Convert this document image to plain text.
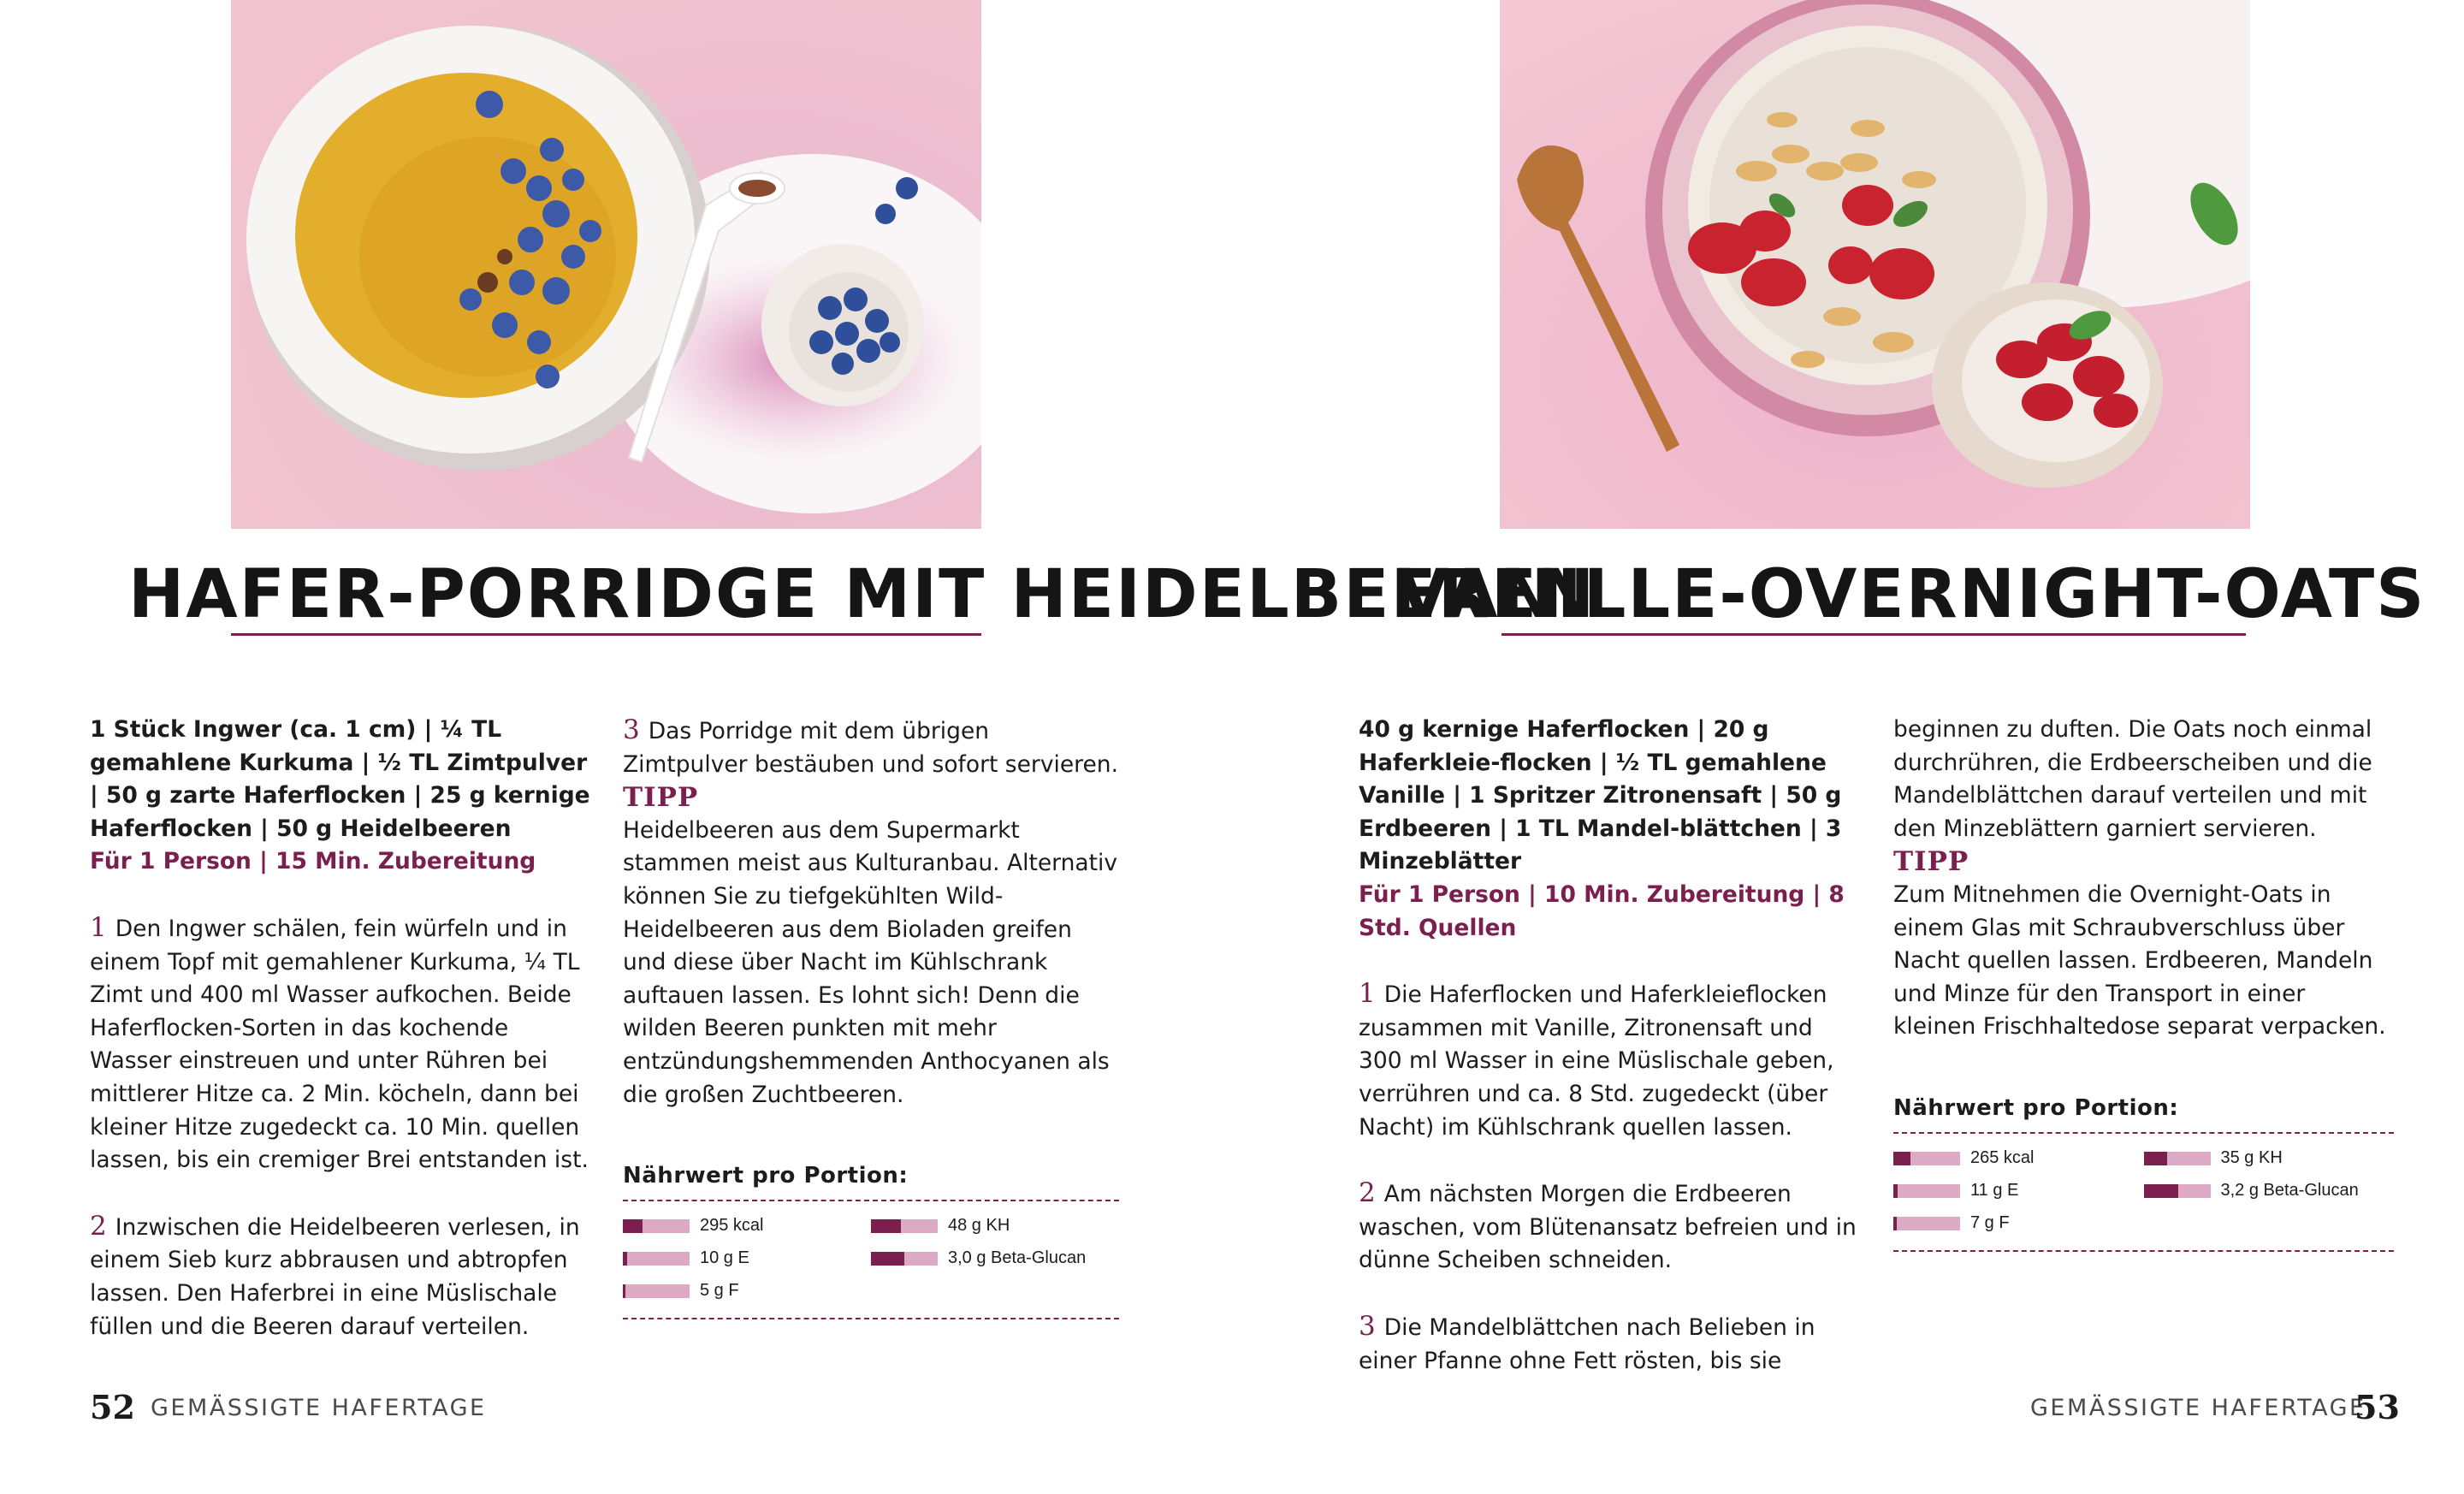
HAFER-PORRIDGE MIT HEIDELBEEREN

1 Stück Ingwer (ca. 1 cm) | ¼ TL gemahlene Kurkuma | ½ TL Zimtpulver | 50 g zarte Haferflocken | 25 g kernige Haferflocken | 50 g Heidelbeeren

Für 1 Person | 15 Min. Zubereitung

1 Den Ingwer schälen, fein würfeln und in einem Topf mit gemahlener Kurkuma, ¼ TL Zimt und 400 ml Wasser aufkochen. Beide Haferflocken-Sorten in das kochende Wasser einstreuen und unter Rühren bei mittlerer Hitze ca. 2 Min. köcheln, dann bei kleiner Hitze zugedeckt ca. 10 Min. quellen lassen, bis ein cremiger Brei entstanden ist.

2 Inzwischen die Heidelbeeren verlesen, in einem Sieb kurz abbrausen und abtropfen lassen. Den Haferbrei in eine Müslischale füllen und die Beeren darauf verteilen.

3 Das Porridge mit dem übrigen Zimtpulver bestäuben und sofort servieren.

TIPP

Heidelbeeren aus dem Supermarkt stammen meist aus Kulturanbau. Alternativ können Sie zu tiefgekühlten Wild-Heidelbeeren aus dem Bioladen greifen und diese über Nacht im Kühlschrank auftauen lassen. Es lohnt sich! Denn die wilden Beeren punkten mit mehr entzündungshemmenden Anthocyanen als die großen Zuchtbeeren.

Nährwert pro Portion:

295 kcal	48 g KH
10 g E	3,0 g Beta-Glucan
5 g F
52 GEMÄSSIGTE HAFERTAGE
VANILLE-OVERNIGHT-OATS

40 g kernige Haferflocken | 20 g Haferkleie-flocken | ½ TL gemahlene Vanille | 1 Spritzer Zitronensaft | 50 g Erdbeeren | 1 TL Mandel-blättchen | 3 Minzeblätter

Für 1 Person | 10 Min. Zubereitung | 8 Std. Quellen

1 Die Haferflocken und Haferkleieflocken zusammen mit Vanille, Zitronensaft und 300 ml Wasser in eine Müslischale geben, verrühren und ca. 8 Std. zugedeckt (über Nacht) im Kühlschrank quellen lassen.

2 Am nächsten Morgen die Erdbeeren waschen, vom Blütenansatz befreien und in dünne Scheiben schneiden.

3 Die Mandelblättchen nach Belieben in einer Pfanne ohne Fett rösten, bis sie

beginnen zu duften. Die Oats noch einmal durchrühren, die Erdbeerscheiben und die Mandelblättchen darauf verteilen und mit den Minzeblättern garniert servieren.

TIPP

Zum Mitnehmen die Overnight-Oats in einem Glas mit Schraubverschluss über Nacht quellen lassen. Erdbeeren, Mandeln und Minze für den Transport in einer kleinen Frischhaltedose separat verpacken.

Nährwert pro Portion:

265 kcal	35 g KH
11 g E	3,2 g Beta-Glucan
7 g F
GEMÄSSIGTE HAFERTAGE
53
